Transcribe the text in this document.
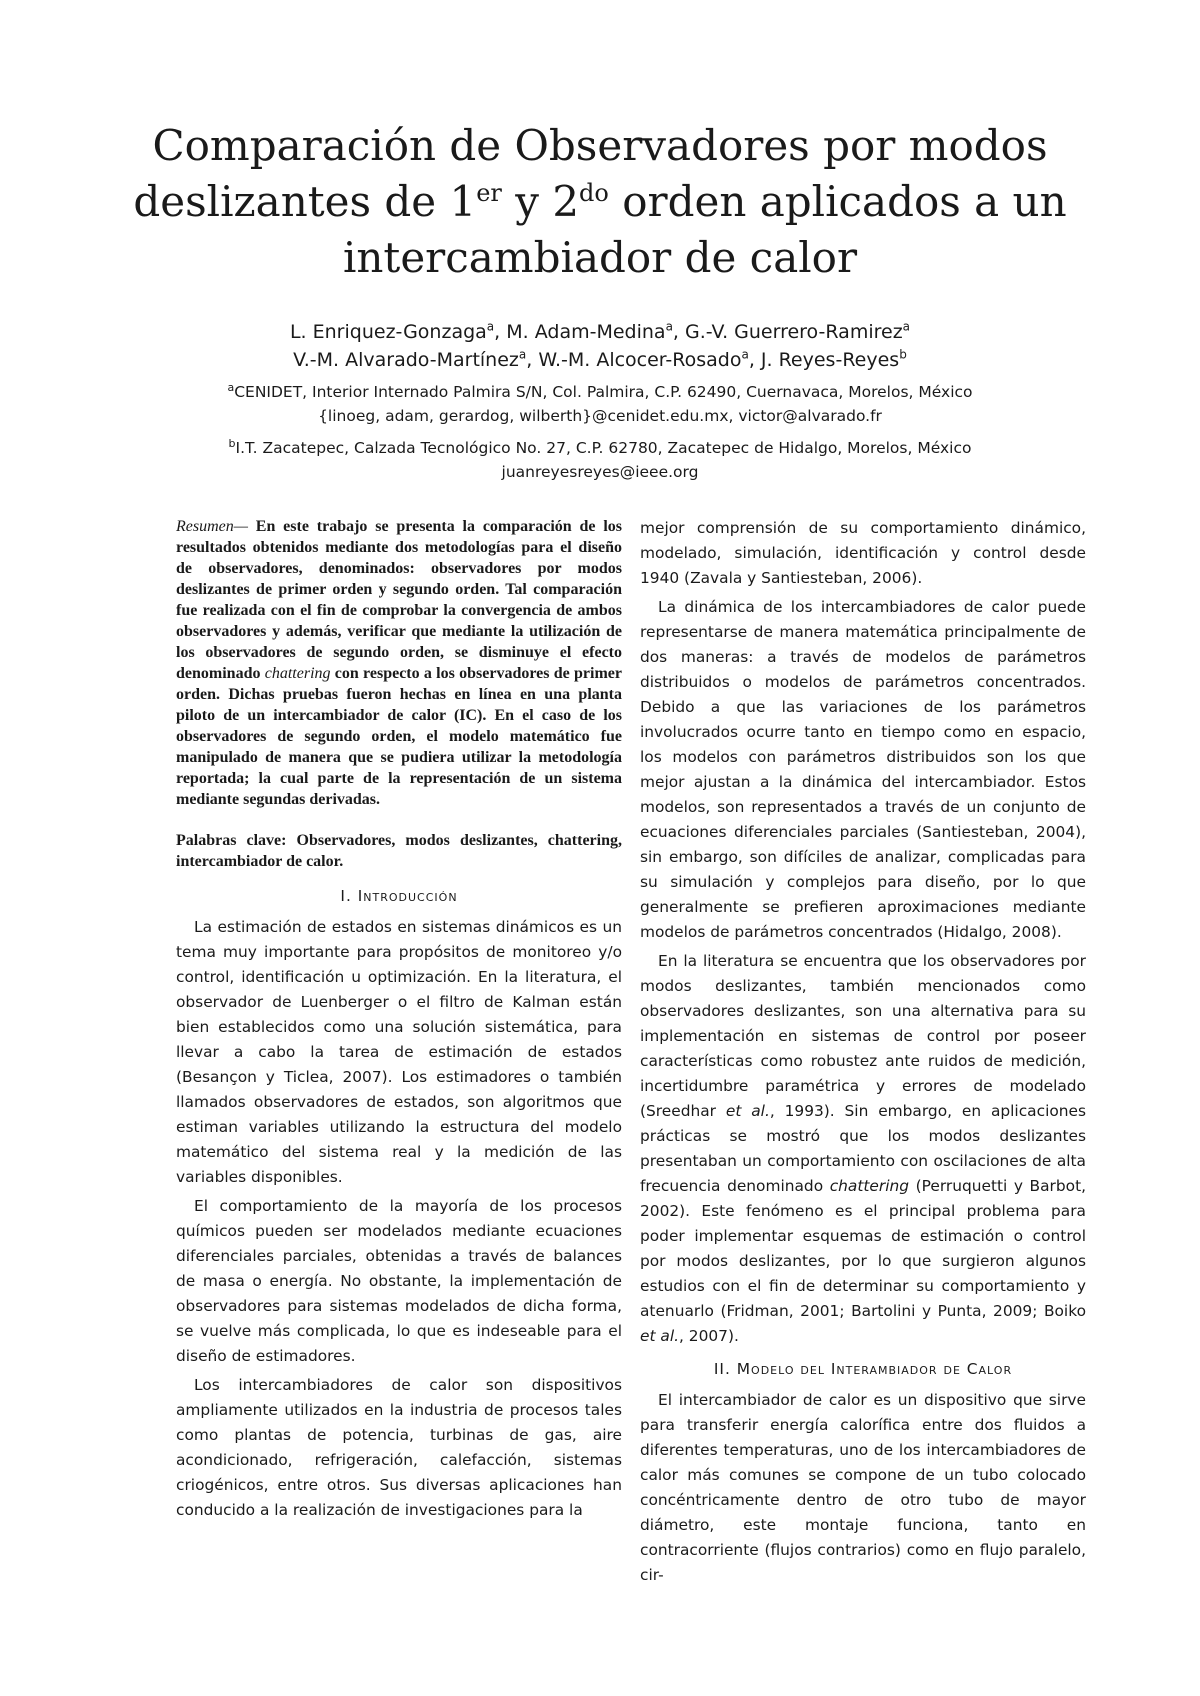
Comparación de Observadores por modos
deslizantes de 1er y $2^{do}$ orden aplicados a un
intercambiador de calor
L. Enriquez-Gonzaga$^a$, M. Adam-Medina$^a$, G.-V. Guerrero-Ramirez$^a$
V.-M. Alvarado-Martínez$^a$, W.-M. Alcocer-Rosado$^a$, J. Reyes-Reyes$^b$
$^a$CENIDET, Interior Internado Palmira S/N, Col. Palmira, C.P. 62490, Cuernavaca, Morelos, México
{linoeg, adam, gerardog, wilberth}@cenidet.edu.mx, victor@alvarado.fr
$^b$I.T. Zacatepec, Calzada Tecnológico No. 27, C.P. 62780, Zacatepec de Hidalgo, Morelos, México
juanreyesreyes@ieee.org

Resumen— En este trabajo se presenta la comparación de los resultados obtenidos mediante dos metodologías para el diseño de observadores, denominados: observadores por modos deslizantes de primer orden y segundo orden. Tal comparación fue realizada con el fin de comprobar la convergencia de ambos observadores y además, verificar que mediante la utilización de los observadores de segundo orden, se disminuye el efecto denominado chattering con respecto a los observadores de primer orden. Dichas pruebas fueron hechas en línea en una planta piloto de un intercambiador de calor (IC). En el caso de los observadores de segundo orden, el modelo matemático fue manipulado de manera que se pudiera utilizar la metodología reportada; la cual parte de la representación de un sistema mediante segundas derivadas.

Palabras clave: Observadores, modos deslizantes, chattering, intercambiador de calor.

I. Introducción

La estimación de estados en sistemas dinámicos es un tema muy importante para propósitos de monitoreo y/o control, identificación u optimización. En la literatura, el observador de Luenberger o el filtro de Kalman están bien establecidos como una solución sistemática, para llevar a cabo la tarea de estimación de estados (Besançon y Ticlea, 2007). Los estimadores o también llamados observadores de estados, son algoritmos que estiman variables utilizando la estructura del modelo matemático del sistema real y la medición de las variables disponibles.

El comportamiento de la mayoría de los procesos químicos pueden ser modelados mediante ecuaciones diferenciales parciales, obtenidas a través de balances de masa o energía. No obstante, la implementación de observadores para sistemas modelados de dicha forma, se vuelve más complicada, lo que es indeseable para el diseño de estimadores.

Los intercambiadores de calor son dispositivos ampliamente utilizados en la industria de procesos tales como plantas de potencia, turbinas de gas, aire acondicionado, refrigeración, calefacción, sistemas criogénicos, entre otros. Sus diversas aplicaciones han conducido a la realización de investigaciones para la

mejor comprensión de su comportamiento dinámico, modelado, simulación, identificación y control desde 1940 (Zavala y Santiesteban, 2006).

La dinámica de los intercambiadores de calor puede representarse de manera matemática principalmente de dos maneras: a través de modelos de parámetros distribuidos o modelos de parámetros concentrados. Debido a que las variaciones de los parámetros involucrados ocurre tanto en tiempo como en espacio, los modelos con parámetros distribuidos son los que mejor ajustan a la dinámica del intercambiador. Estos modelos, son representados a través de un conjunto de ecuaciones diferenciales parciales (Santiesteban, 2004), sin embargo, son difíciles de analizar, complicadas para su simulación y complejos para diseño, por lo que generalmente se prefieren aproximaciones mediante modelos de parámetros concentrados (Hidalgo, 2008).

En la literatura se encuentra que los observadores por modos deslizantes, también mencionados como observadores deslizantes, son una alternativa para su implementación en sistemas de control por poseer características como robustez ante ruidos de medición, incertidumbre paramétrica y errores de modelado (Sreedhar et al., 1993). Sin embargo, en aplicaciones prácticas se mostró que los modos deslizantes presentaban un comportamiento con oscilaciones de alta frecuencia denominado chattering (Perruquetti y Barbot, 2002). Este fenómeno es el principal problema para poder implementar esquemas de estimación o control por modos deslizantes, por lo que surgieron algunos estudios con el fin de determinar su comportamiento y atenuarlo (Fridman, 2001; Bartolini y Punta, 2009; Boiko et al., 2007).

II. Modelo del Interambiador de Calor

El intercambiador de calor es un dispositivo que sirve para transferir energía calorífica entre dos fluidos a diferentes temperaturas, uno de los intercambiadores de calor más comunes se compone de un tubo colocado concéntricamente dentro de otro tubo de mayor diámetro, este montaje funciona, tanto en contracorriente (flujos contrarios) como en flujo paralelo, cir-
